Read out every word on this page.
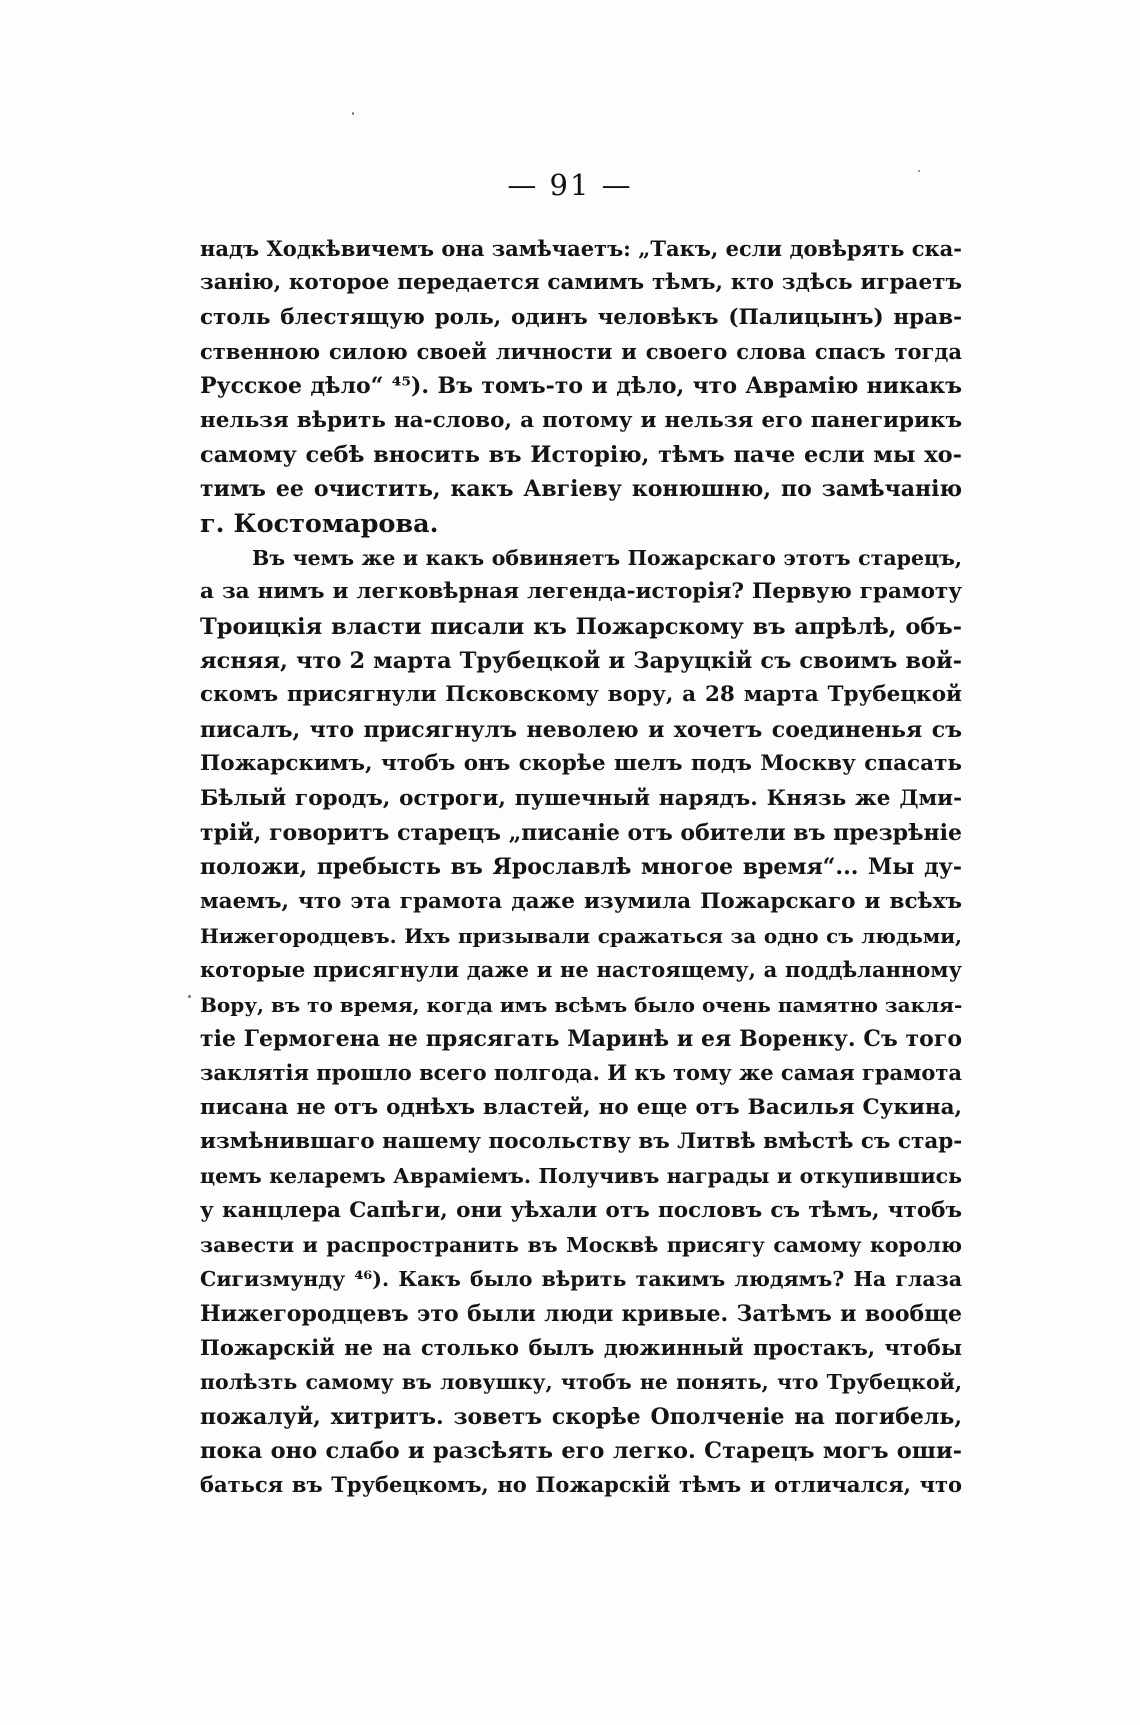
— 91 —
надъ Ходкѣвичемъ она замѣчаетъ: „Такъ, если довѣрять ска-
занію, которое передается самимъ тѣмъ, кто здѣсь играетъ
столь блестящую роль, одинъ человѣкъ (Палицынъ) нрав-
ственною силою своей личности и своего слова спасъ тогда
Русское дѣло“ ⁴⁵). Въ томъ-то и дѣло, что Аврамію никакъ
нельзя вѣрить на-слово, а потому и нельзя его панегирикъ
самому себѣ вносить въ Исторію, тѣмъ паче если мы хо-
тимъ ее очистить, какъ Авгіеву конюшню, по замѣчанію
г. Костомарова.
Въ чемъ же и какъ обвиняетъ Пожарскаго этотъ старецъ,
а за нимъ и легковѣрная легенда-исторія? Первую грамоту
Троицкія власти писали къ Пожарскому въ апрѣлѣ, объ-
ясняя, что 2 марта Трубецкой и Заруцкій съ своимъ вой-
скомъ присягнули Псковскому вору, а 28 марта Трубецкой
писалъ, что присягнулъ неволею и хочетъ соединенья съ
Пожарскимъ, чтобъ онъ скорѣе шелъ подъ Москву спасать
Бѣлый городъ, остроги, пушечный нарядъ. Князь же Дми-
трій, говоритъ старецъ „писаніе отъ обители въ презрѣніе
положи, пребысть въ Ярославлѣ многое время“... Мы ду-
маемъ, что эта грамота даже изумила Пожарскаго и всѣхъ
Нижегородцевъ. Ихъ призывали сражаться за одно съ людьми,
которые присягнули даже и не настоящему, а поддѣланному
Вору, въ то время, когда имъ всѣмъ было очень памятно закля-
тіе Гермогена не прясягать Маринѣ и ея Воренку. Съ того
заклятія прошло всего полгода. И къ тому же самая грамота
писана не отъ однѣхъ властей, но еще отъ Василья Сукина,
измѣнившаго нашему посольству въ Литвѣ вмѣстѣ съ стар-
цемъ келаремъ Авраміемъ. Получивъ награды и откупившись
у канцлера Сапѣги, они уѣхали отъ пословъ съ тѣмъ, чтобъ
завести и распространить въ Москвѣ присягу самому королю
Сигизмунду ⁴⁶). Какъ было вѣрить такимъ людямъ? На глаза
Нижегородцевъ это были люди кривые. Затѣмъ и вообще
Пожарскій не на столько былъ дюжинный простакъ, чтобы
полѣзть самому въ ловушку, чтобъ не понять, что Трубецкой,
пожалуй, хитритъ. зоветъ скорѣе Ополченіе на погибель,
пока оно слабо и разсѣять его легко. Старецъ могъ оши-
баться въ Трубецкомъ, но Пожарскій тѣмъ и отличался, что
